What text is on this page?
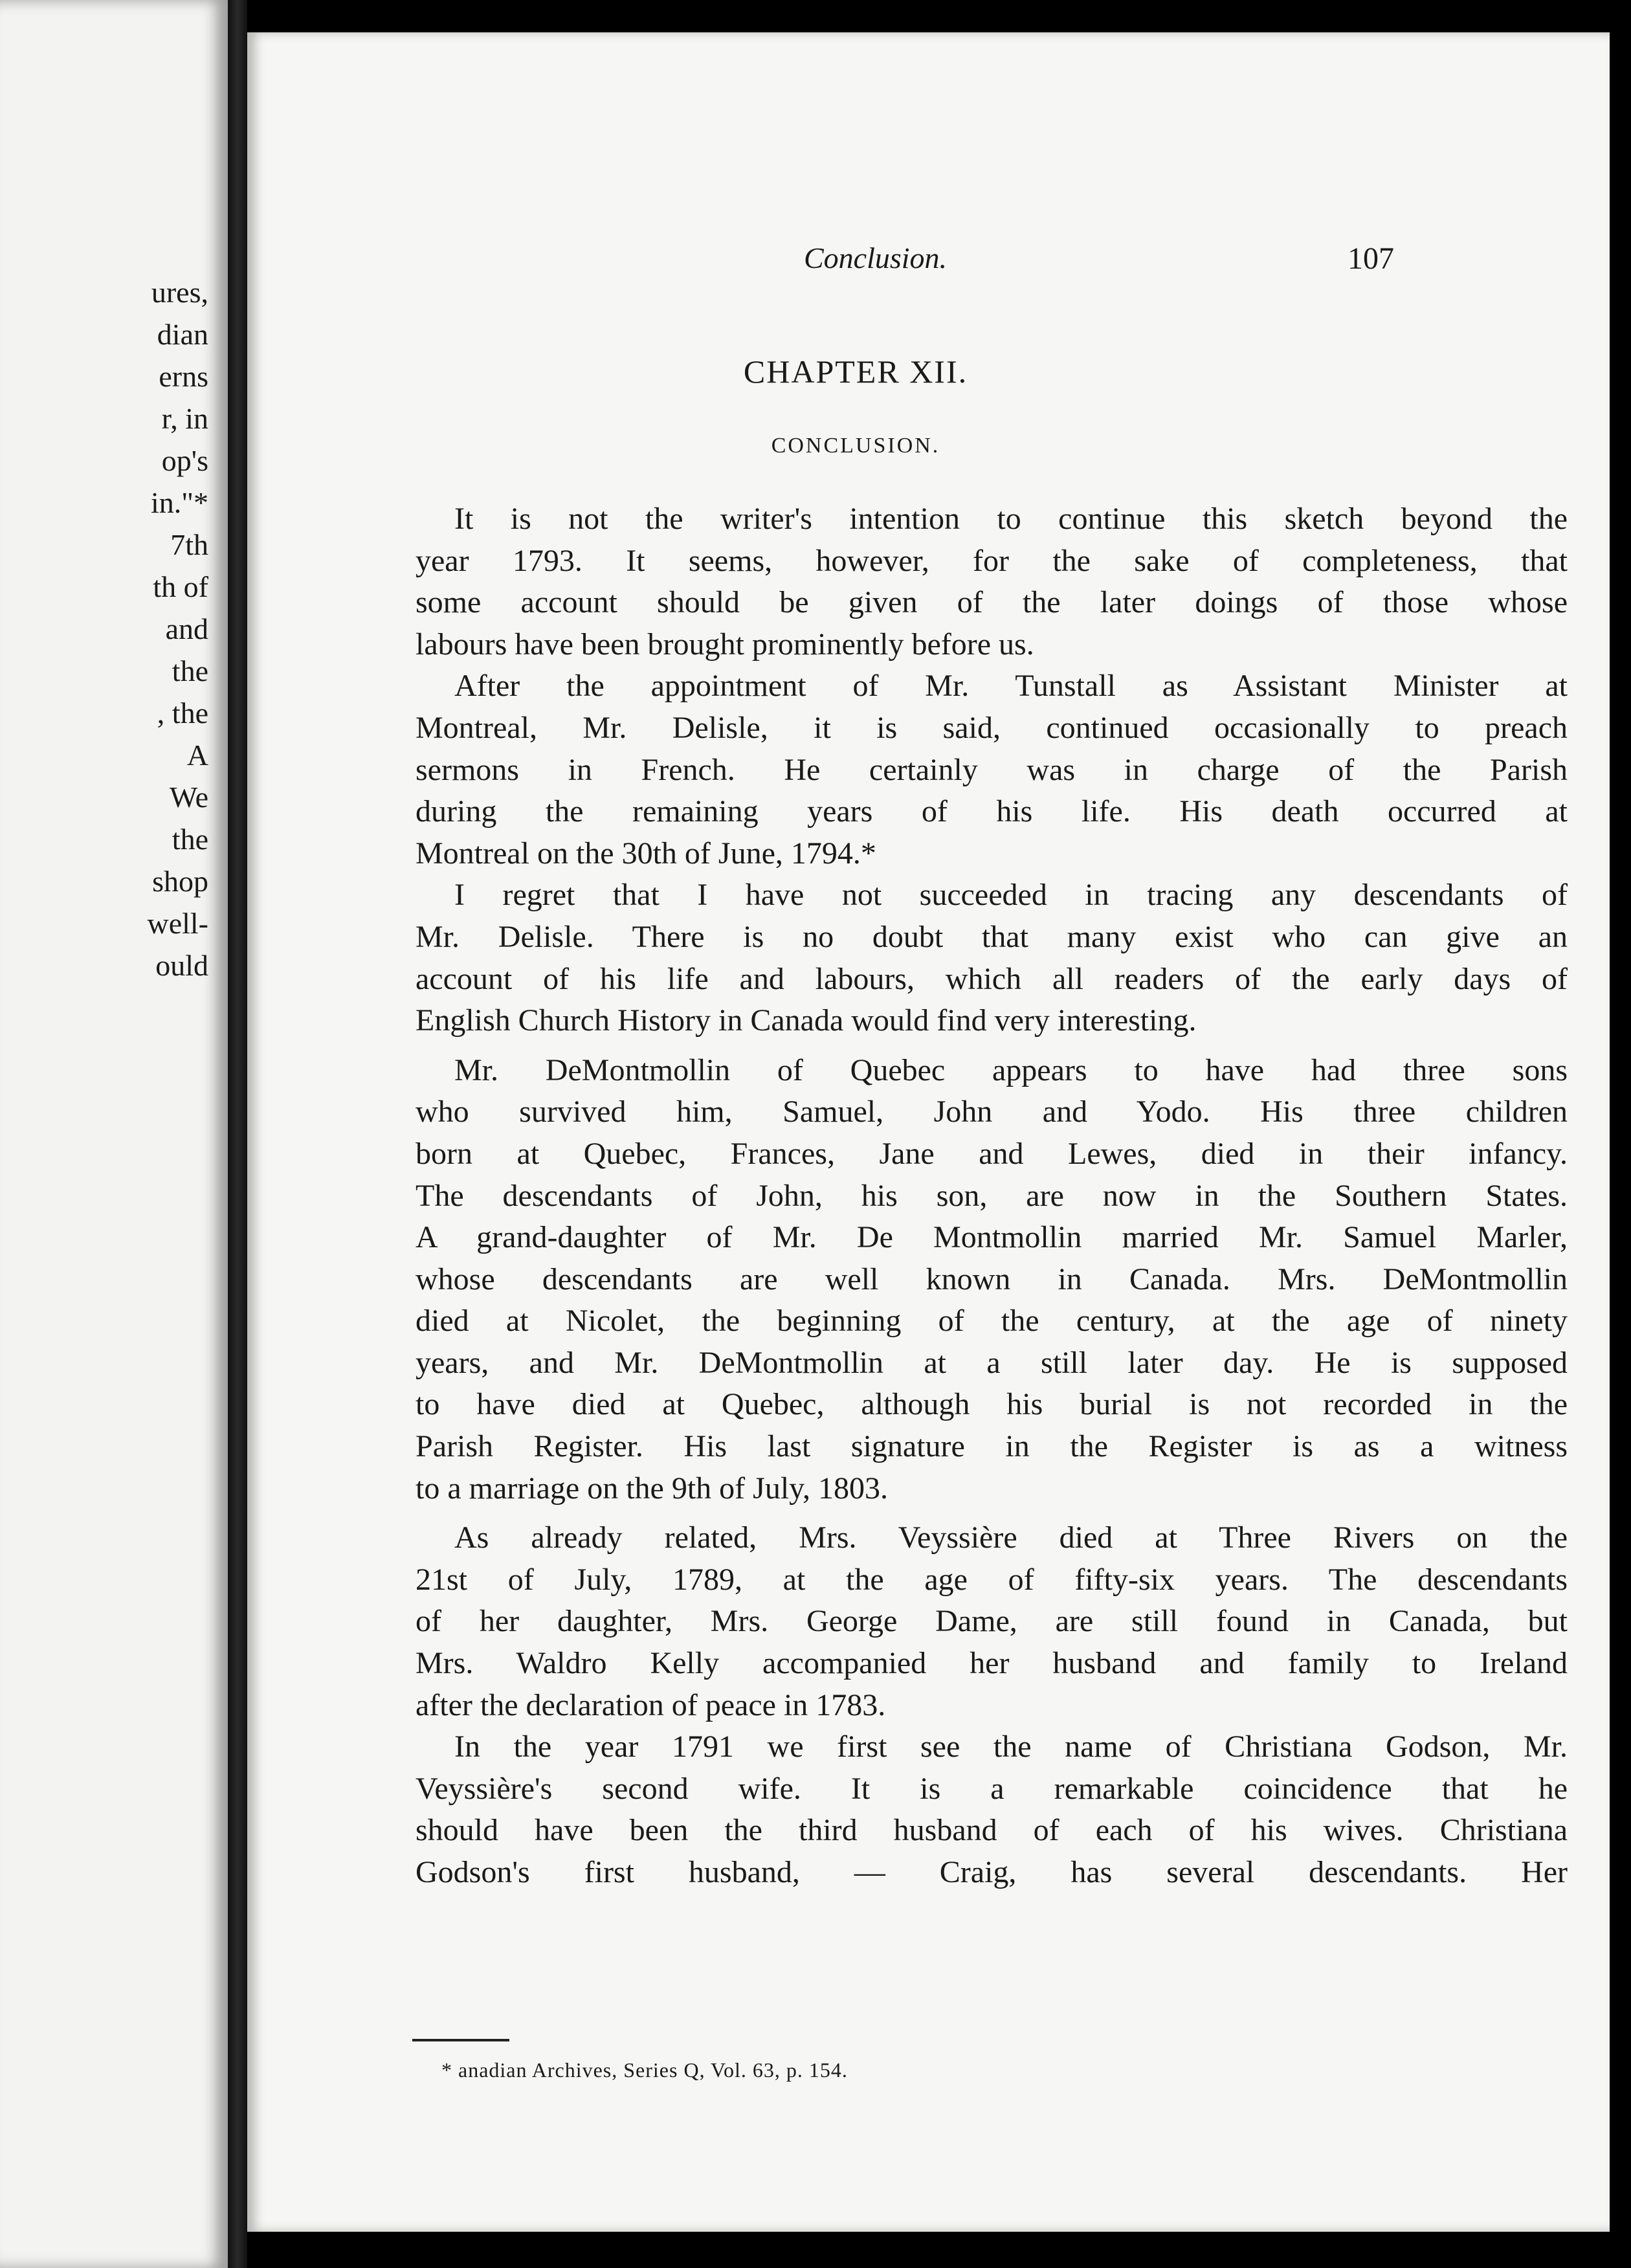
ures,
dian
erns
r, in
op's
in."*
7th
th of
and
the
, the
A
We
the
shop
well-
ould
Conclusion.	107
CHAPTER XII.
CONCLUSION.
It is not the writer's intention to continue this sketch beyond the
year 1793. It seems, however, for the sake of completeness, that
some account should be given of the later doings of those whose
labours have been brought prominently before us.
After the appointment of Mr. Tunstall as Assistant Minister at
Montreal, Mr. Delisle, it is said, continued occasionally to preach
sermons in French. He certainly was in charge of the Parish
during the remaining years of his life. His death occurred at
Montreal on the 30th of June, 1794.*
I regret that I have not succeeded in tracing any descendants of
Mr. Delisle. There is no doubt that many exist who can give an
account of his life and labours, which all readers of the early days of
English Church History in Canada would find very interesting.
Mr. DeMontmollin of Quebec appears to have had three sons
who survived him, Samuel, John and Yodo. His three children
born at Quebec, Frances, Jane and Lewes, died in their infancy.
The descendants of John, his son, are now in the Southern States.
A grand-daughter of Mr. De Montmollin married Mr. Samuel Marler,
whose descendants are well known in Canada. Mrs. DeMontmollin
died at Nicolet, the beginning of the century, at the age of ninety
years, and Mr. DeMontmollin at a still later day. He is supposed
to have died at Quebec, although his burial is not recorded in the
Parish Register. His last signature in the Register is as a witness
to a marriage on the 9th of July, 1803.
As already related, Mrs. Veyssière died at Three Rivers on the
21st of July, 1789, at the age of fifty-six years. The descendants
of her daughter, Mrs. George Dame, are still found in Canada, but
Mrs. Waldro Kelly accompanied her husband and family to Ireland
after the declaration of peace in 1783.
In the year 1791 we first see the name of Christiana Godson, Mr.
Veyssière's second wife. It is a remarkable coincidence that he
should have been the third husband of each of his wives. Christiana
Godson's first husband, — Craig, has several descendants. Her
* anadian Archives, Series Q, Vol. 63, p. 154.
